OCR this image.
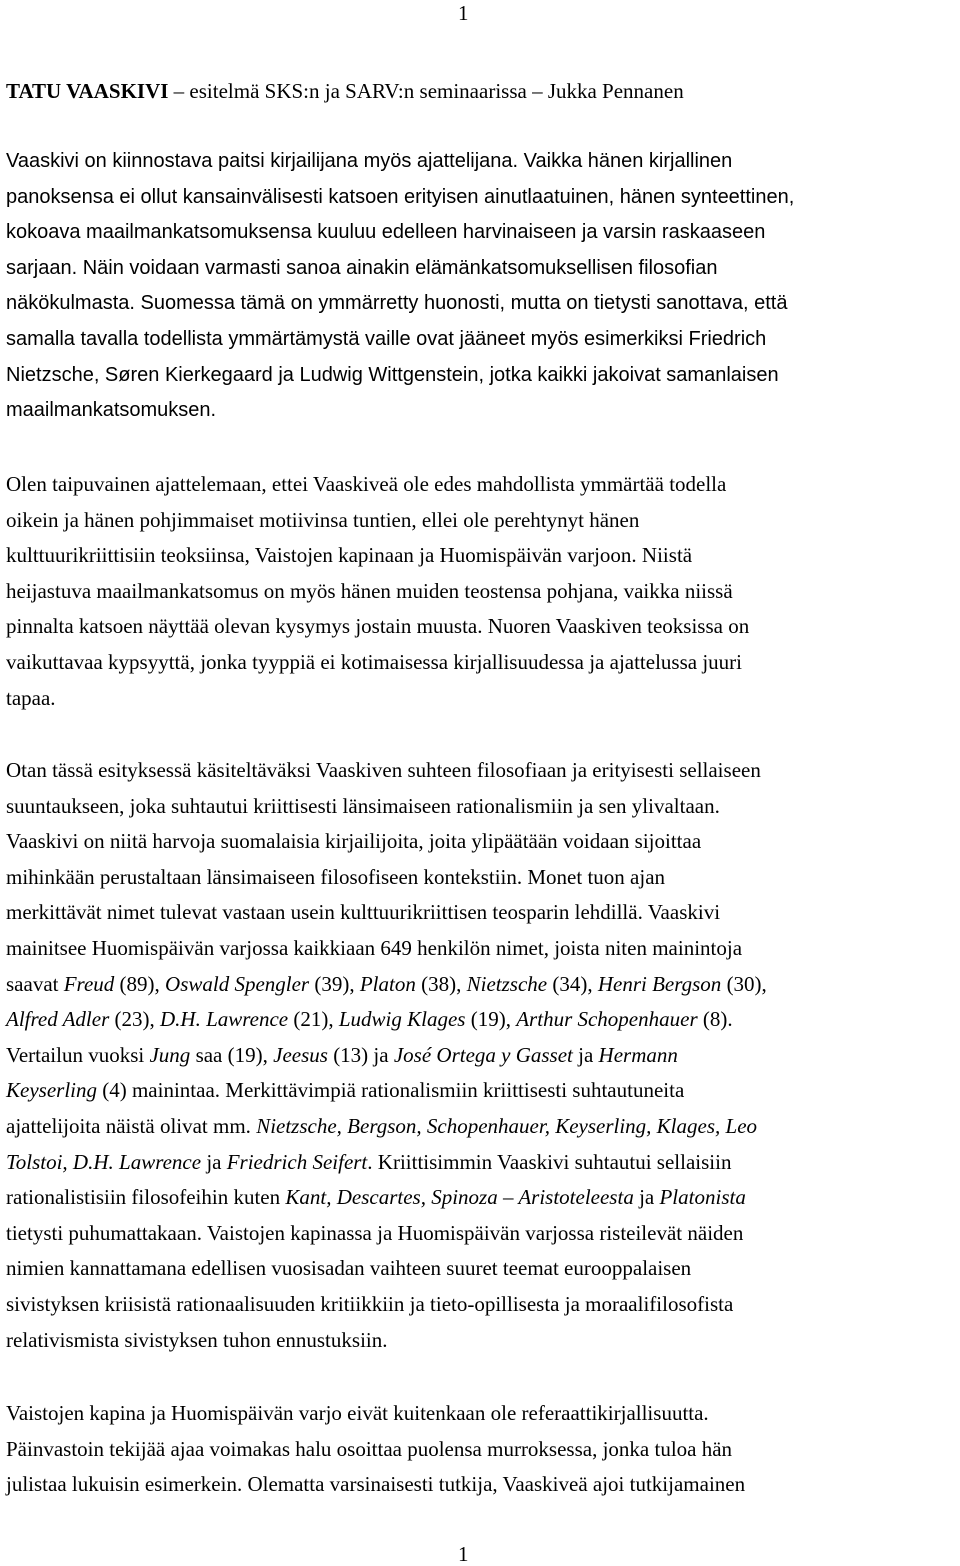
1
TATU VAASKIVI – esitelmä SKS:n ja SARV:n seminaarissa – Jukka Pennanen
Vaaskivi on kiinnostava paitsi kirjailijana myös ajattelijana. Vaikka hänen kirjallinen
panoksensa ei ollut kansainvälisesti katsoen erityisen ainutlaatuinen, hänen synteettinen,
kokoava maailmankatsomuksensa kuuluu edelleen harvinaiseen ja varsin raskaaseen
sarjaan. Näin voidaan varmasti sanoa ainakin elämänkatsomuksellisen filosofian
näkökulmasta. Suomessa tämä on ymmärretty huonosti, mutta on tietysti sanottava, että
samalla tavalla todellista ymmärtämystä vaille ovat jääneet myös esimerkiksi Friedrich
Nietzsche, Søren Kierkegaard ja Ludwig Wittgenstein, jotka kaikki jakoivat samanlaisen
maailmankatsomuksen.
Olen taipuvainen ajattelemaan, ettei Vaaskiveä ole edes mahdollista ymmärtää todella
oikein ja hänen pohjimmaiset motiivinsa tuntien, ellei ole perehtynyt hänen
kulttuurikriittisiin teoksiinsa, Vaistojen kapinaan ja Huomispäivän varjoon. Niistä
heijastuva maailmankatsomus on myös hänen muiden teostensa pohjana, vaikka niissä
pinnalta katsoen näyttää olevan kysymys jostain muusta. Nuoren Vaaskiven teoksissa on
vaikuttavaa kypsyyttä, jonka tyyppiä ei kotimaisessa kirjallisuudessa ja ajattelussa juuri
tapaa.
Otan tässä esityksessä käsiteltäväksi Vaaskiven suhteen filosofiaan ja erityisesti sellaiseen
suuntaukseen, joka suhtautui kriittisesti länsimaiseen rationalismiin ja sen ylivaltaan.
Vaaskivi on niitä harvoja suomalaisia kirjailijoita, joita ylipäätään voidaan sijoittaa
mihinkään perustaltaan länsimaiseen filosofiseen kontekstiin. Monet tuon ajan
merkittävät nimet tulevat vastaan usein kulttuurikriittisen teosparin lehdillä. Vaaskivi
mainitsee Huomispäivän varjossa kaikkiaan 649 henkilön nimet, joista niten mainintoja
saavat Freud (89), Oswald Spengler (39), Platon (38), Nietzsche (34), Henri Bergson (30),
Alfred Adler (23), D.H. Lawrence (21), Ludwig Klages (19), Arthur Schopenhauer (8).
Vertailun vuoksi Jung saa (19), Jeesus (13) ja José Ortega y Gasset ja Hermann
Keyserling (4) mainintaa. Merkittävimpiä rationalismiin kriittisesti suhtautuneita
ajattelijoita näistä olivat mm. Nietzsche, Bergson, Schopenhauer, Keyserling, Klages, Leo
Tolstoi, D.H. Lawrence ja Friedrich Seifert. Kriittisimmin Vaaskivi suhtautui sellaisiin
rationalistisiin filosofeihin kuten Kant, Descartes, Spinoza – Aristoteleesta ja Platonista
tietysti puhumattakaan. Vaistojen kapinassa ja Huomispäivän varjossa risteilevät näiden
nimien kannattamana edellisen vuosisadan vaihteen suuret teemat eurooppalaisen
sivistyksen kriisistä rationaalisuuden kritiikkiin ja tieto-opillisesta ja moraalifilosofista
relativismista sivistyksen tuhon ennustuksiin.
Vaistojen kapina ja Huomispäivän varjo eivät kuitenkaan ole referaattikirjallisuutta.
Päinvastoin tekijää ajaa voimakas halu osoittaa puolensa murroksessa, jonka tuloa hän
julistaa lukuisin esimerkein. Olematta varsinaisesti tutkija, Vaaskiveä ajoi tutkijamainen
1
